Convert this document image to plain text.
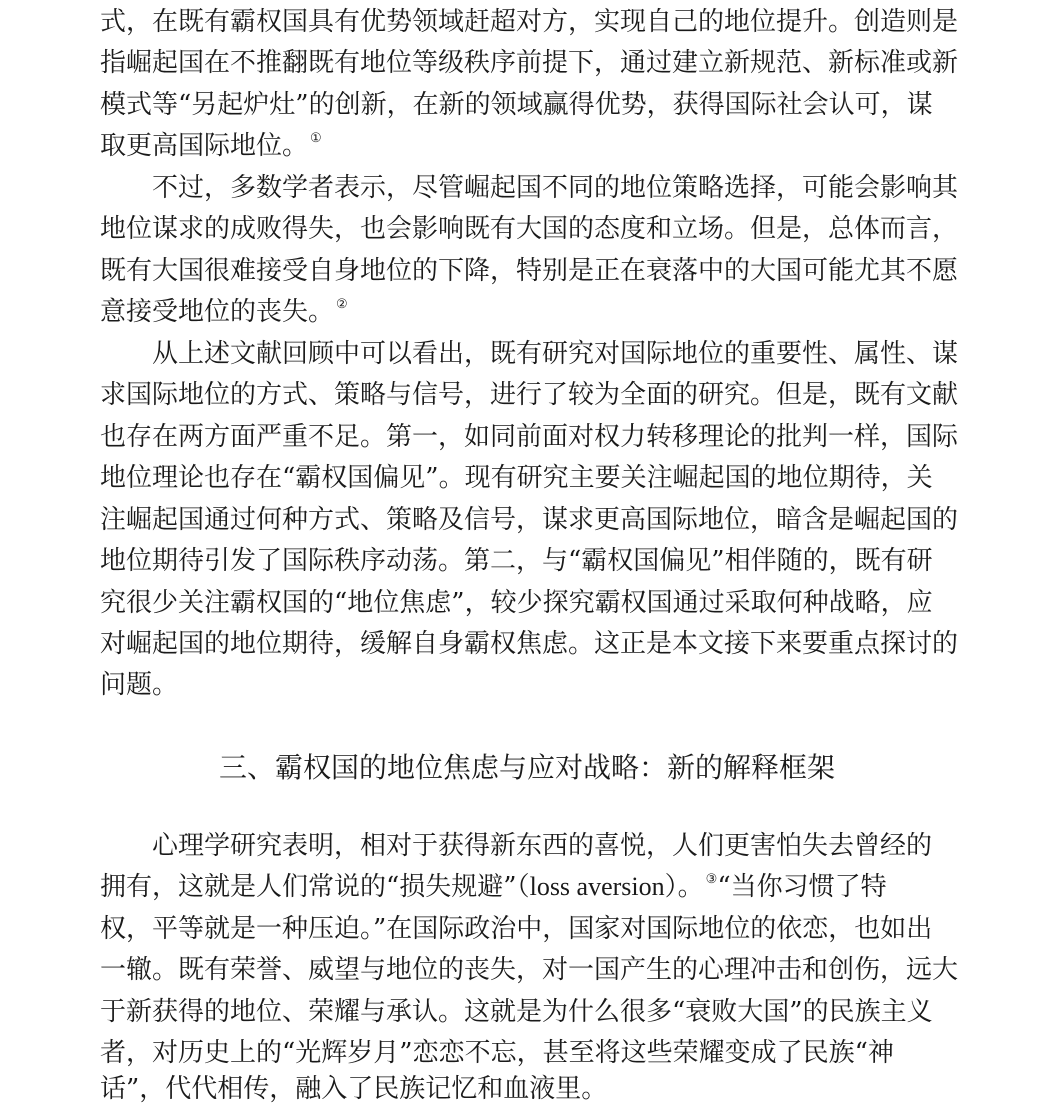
式，在既有霸权国具有优势领域赶超对方，实现自己的地位提升。创造则是
指崛起国在不推翻既有地位等级秩序前提下，通过建立新规范、新标准或新
模式等“另起炉灶”的创新，在新的领域赢得优势，获得国际社会认可，谋
取更高国际地位。 ①
不过，多数学者表示，尽管崛起国不同的地位策略选择，可能会影响其
地位谋求的成败得失，也会影响既有大国的态度和立场。但是，总体而言，
既有大国很难接受自身地位的下降，特别是正在衰落中的大国可能尤其不愿
意接受地位的丧失。 ②
从上述文献回顾中可以看出，既有研究对国际地位的重要性、属性、谋
求国际地位的方式、策略与信号，进行了较为全面的研究。但是，既有文献
也存在两方面严重不足。第一，如同前面对权力转移理论的批判一样，国际
地位理论也存在“霸权国偏见”。现有研究主要关注崛起国的地位期待，关
注崛起国通过何种方式、策略及信号，谋求更高国际地位，暗含是崛起国的
地位期待引发了国际秩序动荡。第二，与“霸权国偏见”相伴随的，既有研
究很少关注霸权国的“地位焦虑”，较少探究霸权国通过采取何种战略，应
对崛起国的地位期待，缓解自身霸权焦虑。这正是本文接下来要重点探讨的
问题。
三、霸权国的地位焦虑与应对战略：新的解释框架
心理学研究表明，相对于获得新东西的喜悦，人们更害怕失去曾经的
拥有，这就是人们常说的“损失规避”（ loss aversion ）。 ③ “当你习惯了特
权，平等就是一种压迫。”在国际政治中，国家对国际地位的依恋，也如出
一辙。既有荣誉、威望与地位的丧失，对一国产生的心理冲击和创伤，远大
于新获得的地位、荣耀与承认。这就是为什么很多“衰败大国”的民族主义
者，对历史上的“光辉岁月”恋恋不忘，甚至将这些荣耀变成了民族“神
话”，代代相传，融入了民族记忆和血液里。
